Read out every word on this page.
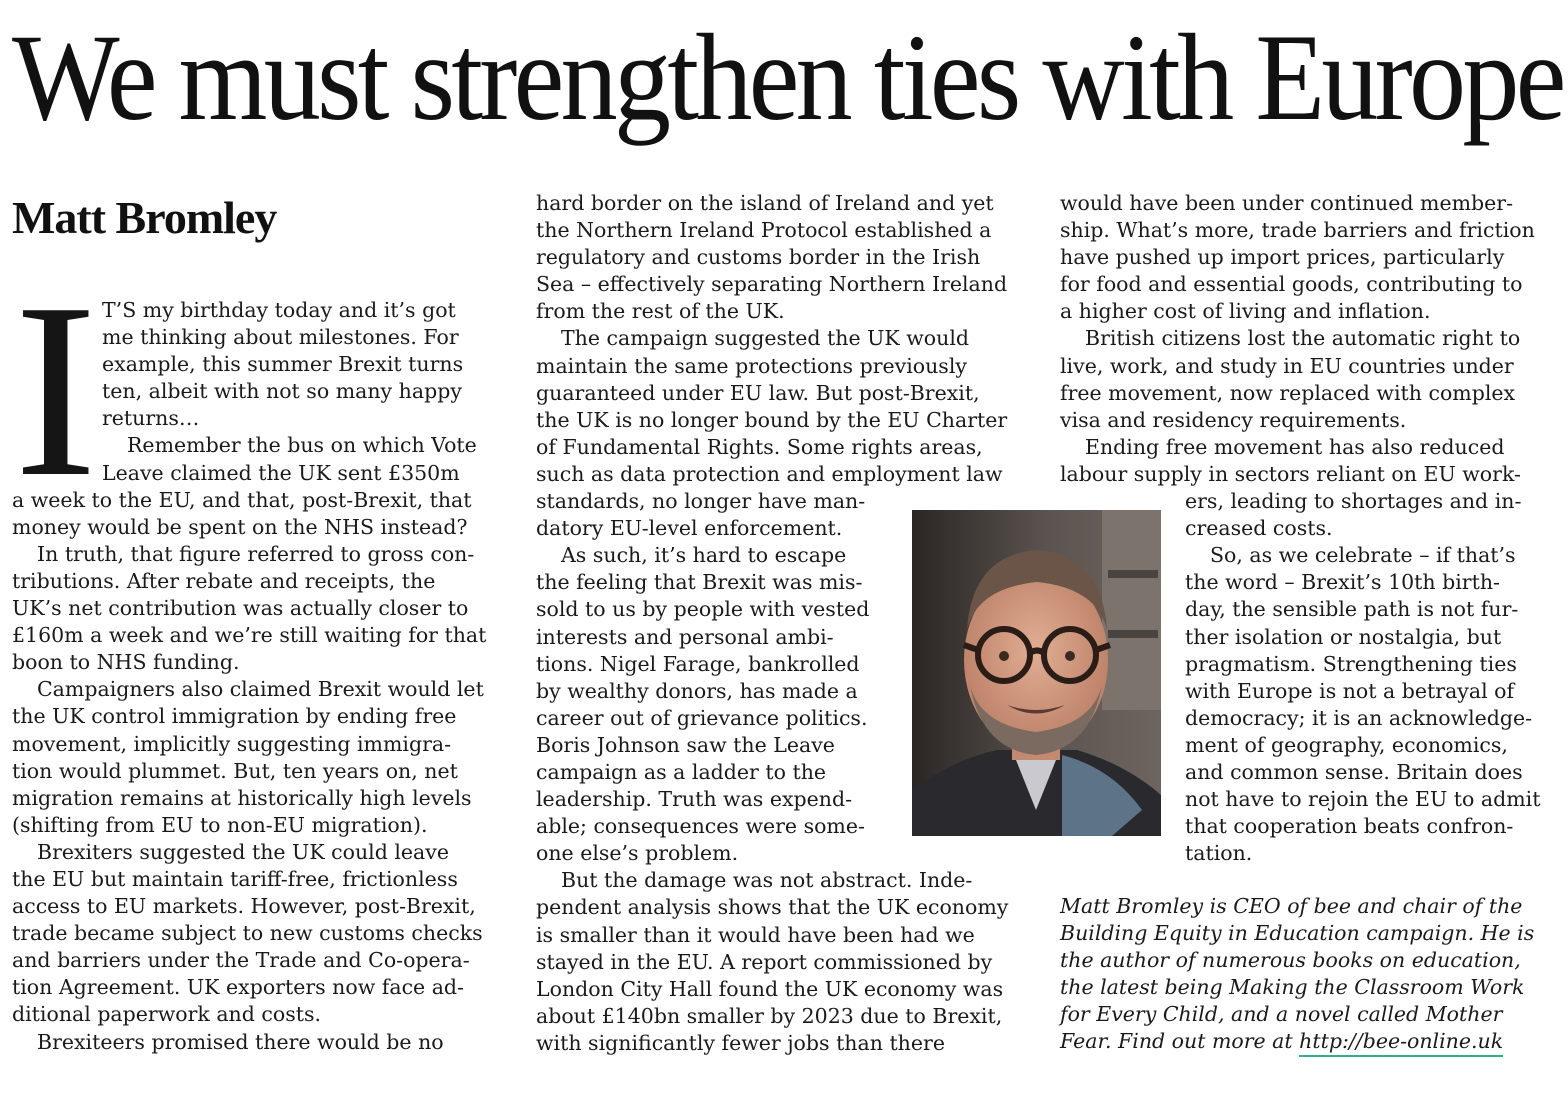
We must strengthen ties with Europe
Matt Bromley
I T’S my birthday today and it’s got
me thinking about milestones. For
example, this summer Brexit turns
ten, albeit with not so many happy
returns…
Remember the bus on which Vote
Leave claimed the UK sent £350m
a week to the EU, and that, post-Brexit, that
money would be spent on the NHS instead?
In truth, that figure referred to gross con-
tributions. After rebate and receipts, the
UK’s net contribution was actually closer to
£160m a week and we’re still waiting for that
boon to NHS funding.
Campaigners also claimed Brexit would let
the UK control immigration by ending free
movement, implicitly suggesting immigra-
tion would plummet. But, ten years on, net
migration remains at historically high levels
(shifting from EU to non-EU migration).
Brexiters suggested the UK could leave
the EU but maintain tariff-free, frictionless
access to EU markets. However, post-Brexit,
trade became subject to new customs checks
and barriers under the Trade and Co-opera-
tion Agreement. UK exporters now face ad-
ditional paperwork and costs.
Brexiteers promised there would be no
hard border on the island of Ireland and yet
the Northern Ireland Protocol established a
regulatory and customs border in the Irish
Sea – effectively separating Northern Ireland
from the rest of the UK.
The campaign suggested the UK would
maintain the same protections previously
guaranteed under EU law. But post-Brexit,
the UK is no longer bound by the EU Charter
of Fundamental Rights. Some rights areas,
such as data protection and employment law
standards, no longer have man-
datory EU-level enforcement.
As such, it’s hard to escape
the feeling that Brexit was mis-
sold to us by people with vested
interests and personal ambi-
tions. Nigel Farage, bankrolled
by wealthy donors, has made a
career out of grievance politics.
Boris Johnson saw the Leave
campaign as a ladder to the
leadership. Truth was expend-
able; consequences were some-
one else’s problem.
But the damage was not abstract. Inde-
pendent analysis shows that the UK economy
is smaller than it would have been had we
stayed in the EU. A report commissioned by
London City Hall found the UK economy was
about £140bn smaller by 2023 due to Brexit,
with significantly fewer jobs than there
would have been under continued member-
ship. What’s more, trade barriers and friction
have pushed up import prices, particularly
for food and essential goods, contributing to
a higher cost of living and inflation.
British citizens lost the automatic right to
live, work, and study in EU countries under
free movement, now replaced with complex
visa and residency requirements.
Ending free movement has also reduced
labour supply in sectors reliant on EU work-
ers, leading to shortages and in-
creased costs.
So, as we celebrate – if that’s
the word – Brexit’s 10th birth-
day, the sensible path is not fur-
ther isolation or nostalgia, but
pragmatism. Strengthening ties
with Europe is not a betrayal of
democracy; it is an acknowledge-
ment of geography, economics,
and common sense. Britain does
not have to rejoin the EU to admit
that cooperation beats confron-
tation.
Matt Bromley is CEO of bee and chair of the
Building Equity in Education campaign. He is
the author of numerous books on education,
the latest being Making the Classroom Work
for Every Child, and a novel called Mother
Fear. Find out more at http://bee-online.uk
